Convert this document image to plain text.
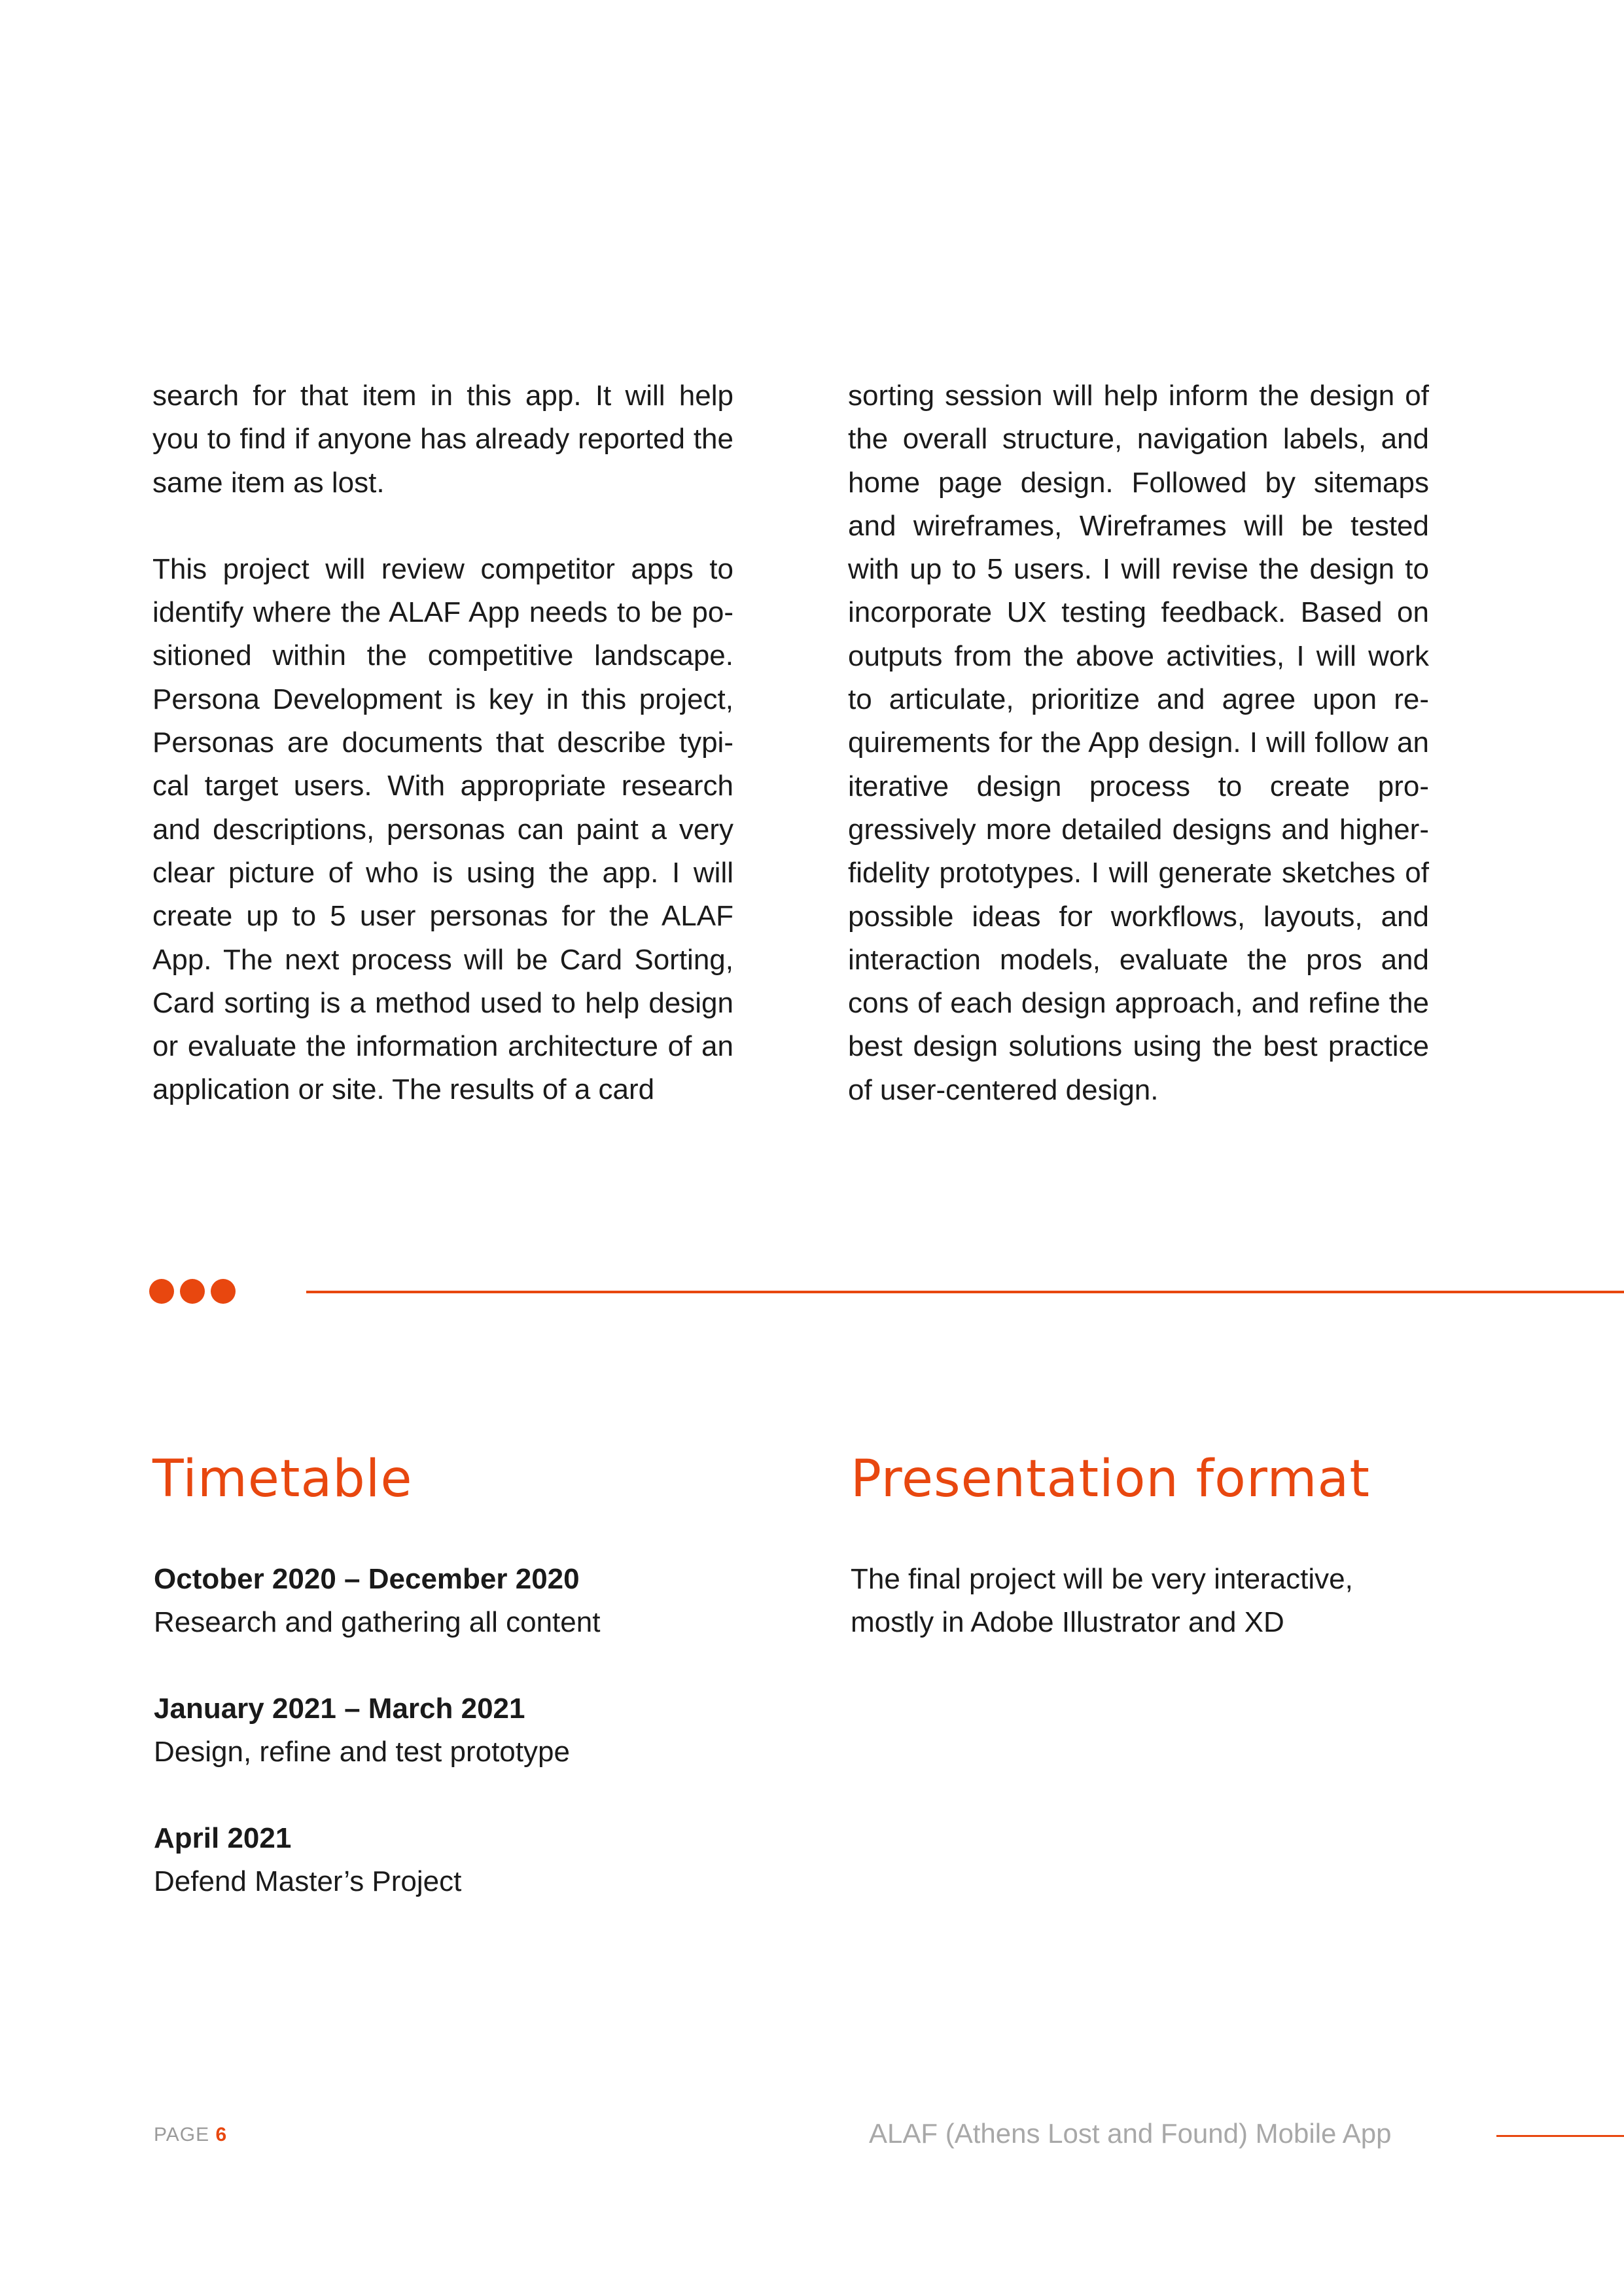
search for that item in this app. It will help you to find if anyone has already reported the same item as lost.

This project will review competitor apps to identify where the ALAF App needs to be positioned within the competitive landscape. Persona Development is key in this project, Personas are documents that describe typical target users. With appropriate research and descriptions, personas can paint a very clear picture of who is using the app. I will create up to 5 user personas for the ALAF App. The next process will be Card Sorting, Card sorting is a method used to help design or evaluate the information architecture of an application or site. The results of a card

sorting session will help inform the design of the overall structure, navigation labels, and home page design. Followed by sitemaps and wireframes, Wireframes will be tested with up to 5 users. I will revise the design to incorporate UX testing feedback. Based on outputs from the above activities, I will work to articulate, prioritize and agree upon requirements for the App design. I will follow an iterative design process to create progressively more detailed designs and higher-fidelity prototypes. I will generate sketches of possible ideas for workflows, layouts, and interaction models, evaluate the pros and cons of each design approach, and refine the best design solutions using the best practice of user-centered design.

Timetable	Presentation format
October 2020 – December 2020
Research and gathering all content
January 2021 – March 2021
Design, refine and test prototype
April 2021
Defend Master’s Project

The final project will be very interactive,
mostly in Adobe Illustrator and XD

PAGE 6	ALAF (Athens Lost and Found) Mobile App
